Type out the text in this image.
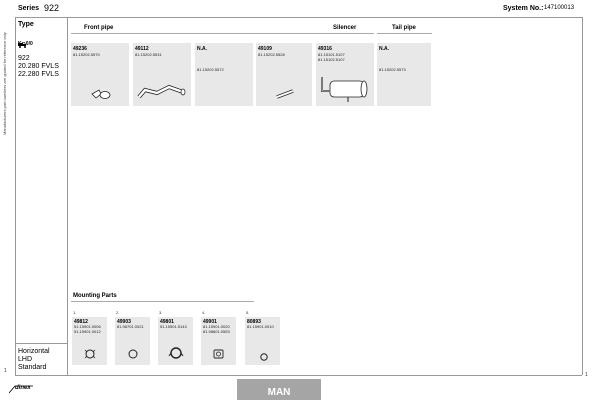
Series 922	System No.: 147100013
Manufacturers part numbers are quoted for reference only
Type
K⊃0/0
922
20.280 FVLS
22.280 FVLS
Horizontal
LHD
Standard
Front pipe	Silencer	Tail pipe
49236
81.15202.5570
49112
81.15202.5531
N.A.
81.15202.5572
49109
81.15202.5528
49316
81.15101.5107
81.15102.5107
N.A.
81.15202.5573
Mounting Parts
1.
49812
51.15901.0006
51.15901.0012
2.
49903
81.98701.0021
3.
49801
51.15501.5143
4.
49901
81.15901.0020
81.98601.0553
5.
80893
81.15901.0010
1
1
dinex	MAN
